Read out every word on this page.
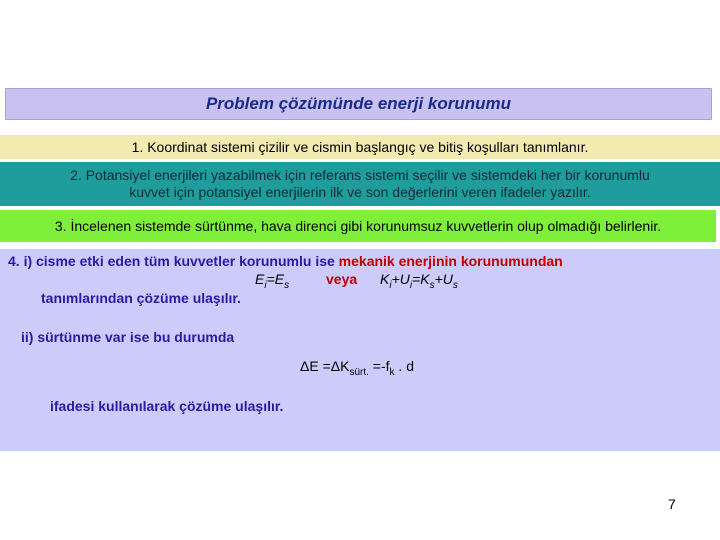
Problem çözümünde enerji korunumu
1. Koordinat sistemi çizilir ve cismin başlangıç ve bitiş koşulları tanımlanır.
2. Potansiyel enerjileri yazabilmek için referans sistemi seçilir ve sistemdeki her bir korunumlu
kuvvet için potansiyel enerjilerin ilk ve son değerlerini veren ifadeler yazılır.
3. İncelenen sistemde sürtünme, hava direnci gibi korunumsuz kuvvetlerin olup olmadığı belirlenir.
4. i) cisme etki eden tüm kuvvetler korunumlu ise mekanik enerjinin korunumundan
$E_i=E_s$	veya $K_i+U_i=K_s+U_s$
tanımlarından çözüme ulaşılır.
ii) sürtünme var ise bu durumda
$\Delta E =\Delta K_{sürt.} =-f_k$ . d
ifadesi kullanılarak çözüme ulaşılır.
7
